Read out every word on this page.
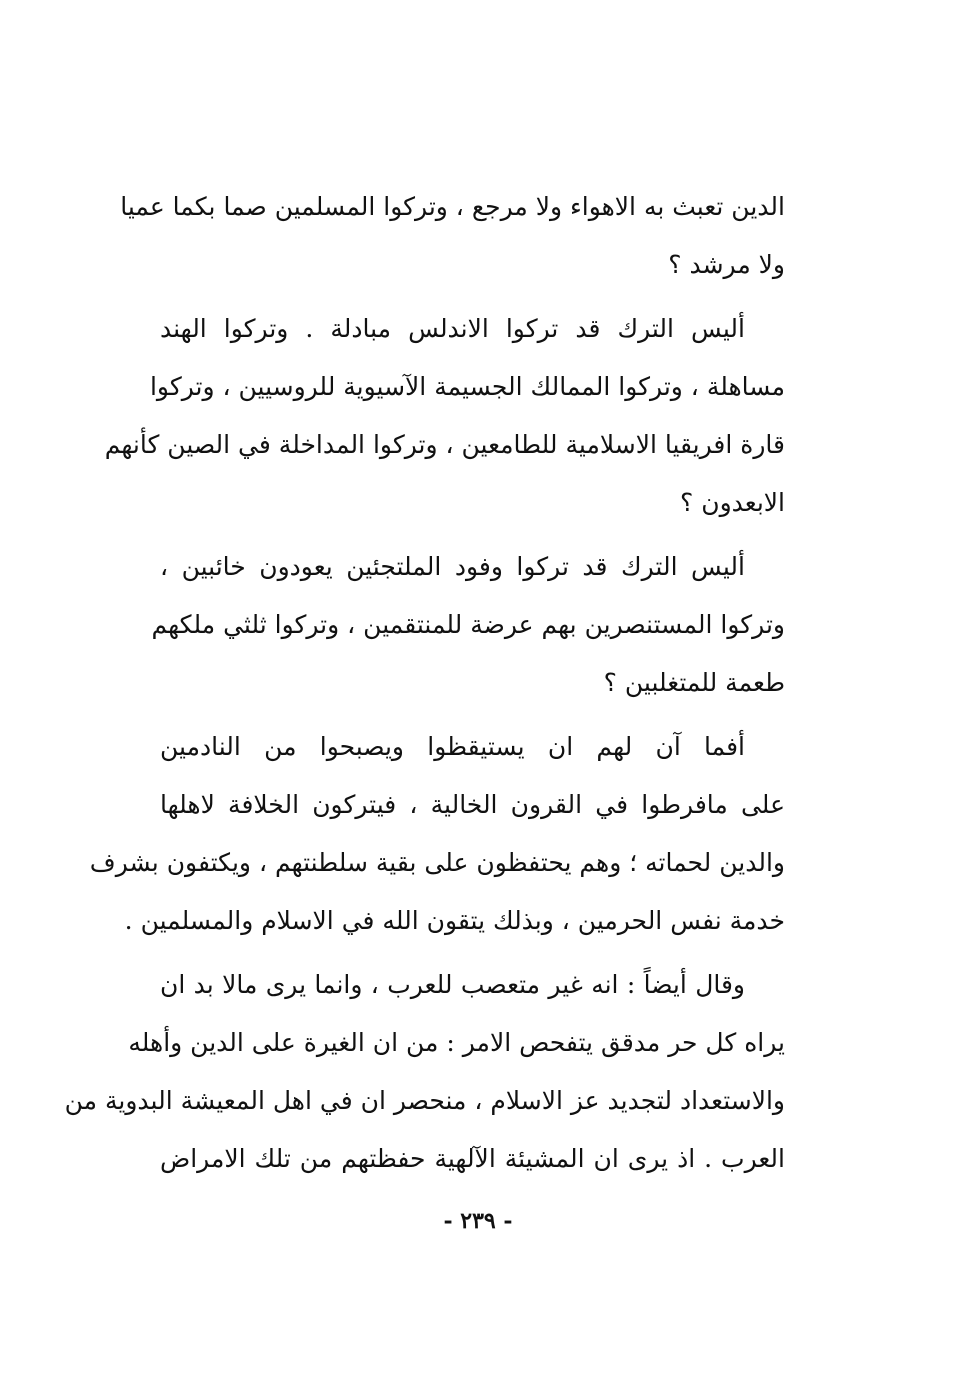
الدين تعبث به الاهواء ولا مرجع ، وتركوا المسلمين صما بكما عميا
ولا مرشد ؟
أليس الترك قد تركوا الاندلس مبادلة . وتركوا الهند
مساهلة ، وتركوا الممالك الجسيمة الآسيوية للروسيين ، وتركوا
قارة افريقيا الاسلامية للطامعين ، وتركوا المداخلة في الصين كأنهم
الابعدون ؟
أليس الترك قد تركوا وفود الملتجئين يعودون خائبين ،
وتركوا المستنصرين بهم عرضة للمنتقمين ، وتركوا ثلثي ملكهم
طعمة للمتغلبين ؟
أفما آن لهم ان يستيقظوا ويصبحوا من النادمين
على مافرطوا في القرون الخالية ، فيتركون الخلافة لاهلها
والدين لحماته ؛ وهم يحتفظون على بقية سلطنتهم ، ويكتفون بشرف
خدمة نفس الحرمين ، وبذلك يتقون الله في الاسلام والمسلمين .
وقال أيضاً : انه غير متعصب للعرب ، وانما يرى مالا بد ان
يراه كل حر مدقق يتفحص الامر : من ان الغيرة على الدين وأهله
والاستعداد لتجديد عز الاسلام ، منحصر ان في اهل المعيشة البدوية من
العرب . اذ يرى ان المشيئة الآلهية حفظتهم من تلك الامراض
- ٢٣٩ -
